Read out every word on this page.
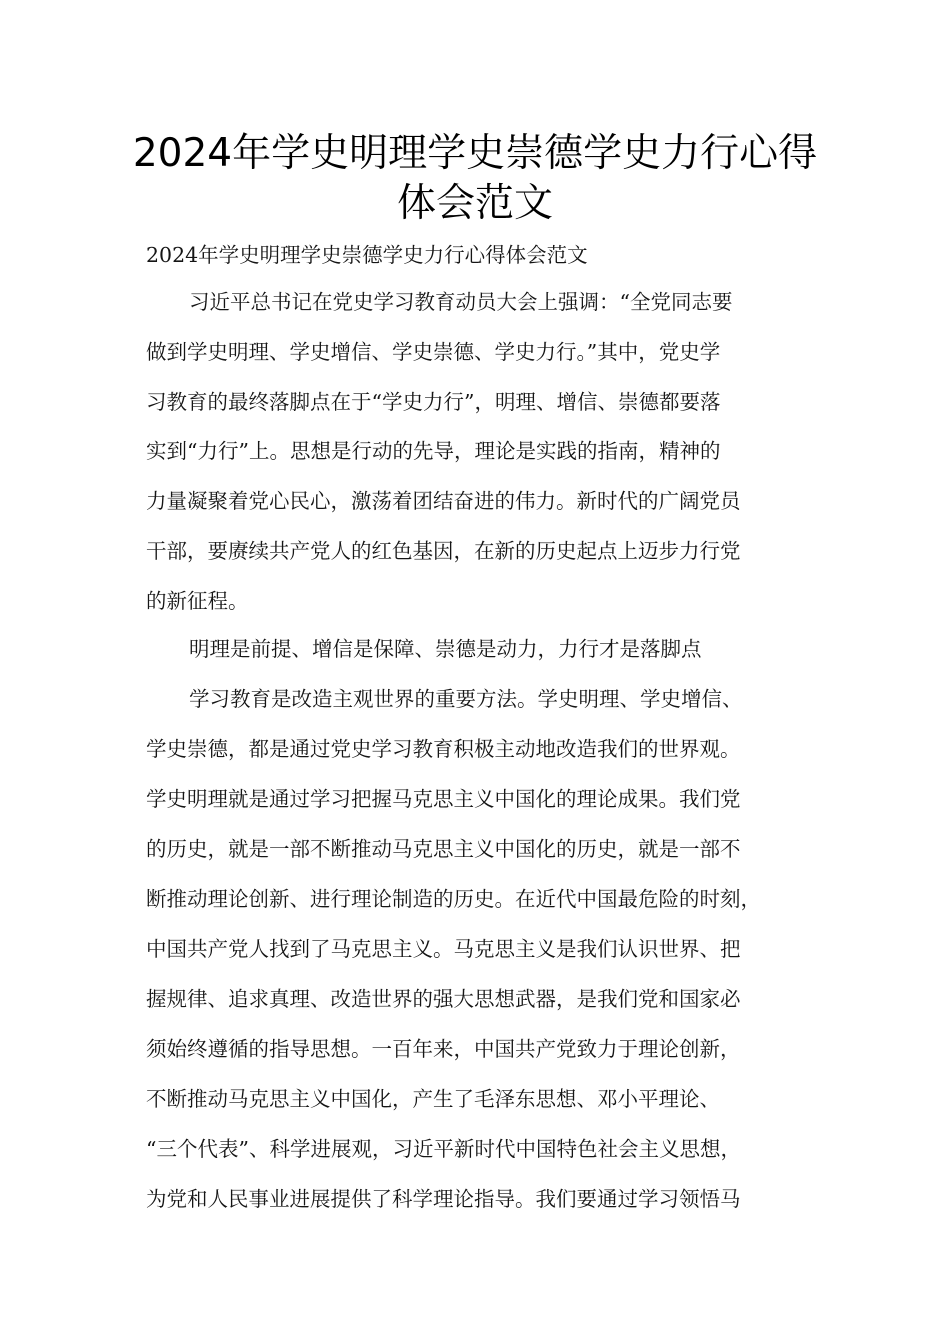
2024年学史明理学史崇德学史力行心得
体会范文
2024年学史明理学史崇德学史力行心得体会范文
习近平总书记在党史学习教育动员大会上强调：“全党同志要
做到学史明理、学史增信、学史崇德、学史力行。”其中，党史学
习教育的最终落脚点在于“学史力行”，明理、增信、崇德都要落
实到“力行”上。思想是行动的先导，理论是实践的指南，精神的
力量凝聚着党心民心，激荡着团结奋进的伟力。新时代的广阔党员
干部，要赓续共产党人的红色基因，在新的历史起点上迈步力行党
的新征程。
明理是前提、增信是保障、崇德是动力，力行才是落脚点
学习教育是改造主观世界的重要方法。学史明理、学史增信、
学史崇德，都是通过党史学习教育积极主动地改造我们的世界观。
学史明理就是通过学习把握马克思主义中国化的理论成果。我们党
的历史，就是一部不断推动马克思主义中国化的历史，就是一部不
断推动理论创新、进行理论制造的历史。在近代中国最危险的时刻，
中国共产党人找到了马克思主义。马克思主义是我们认识世界、把
握规律、追求真理、改造世界的强大思想武器，是我们党和国家必
须始终遵循的指导思想。一百年来，中国共产党致力于理论创新，
不断推动马克思主义中国化，产生了毛泽东思想、邓小平理论、
“三个代表”、科学进展观，习近平新时代中国特色社会主义思想，
为党和人民事业进展提供了科学理论指导。我们要通过学习领悟马
